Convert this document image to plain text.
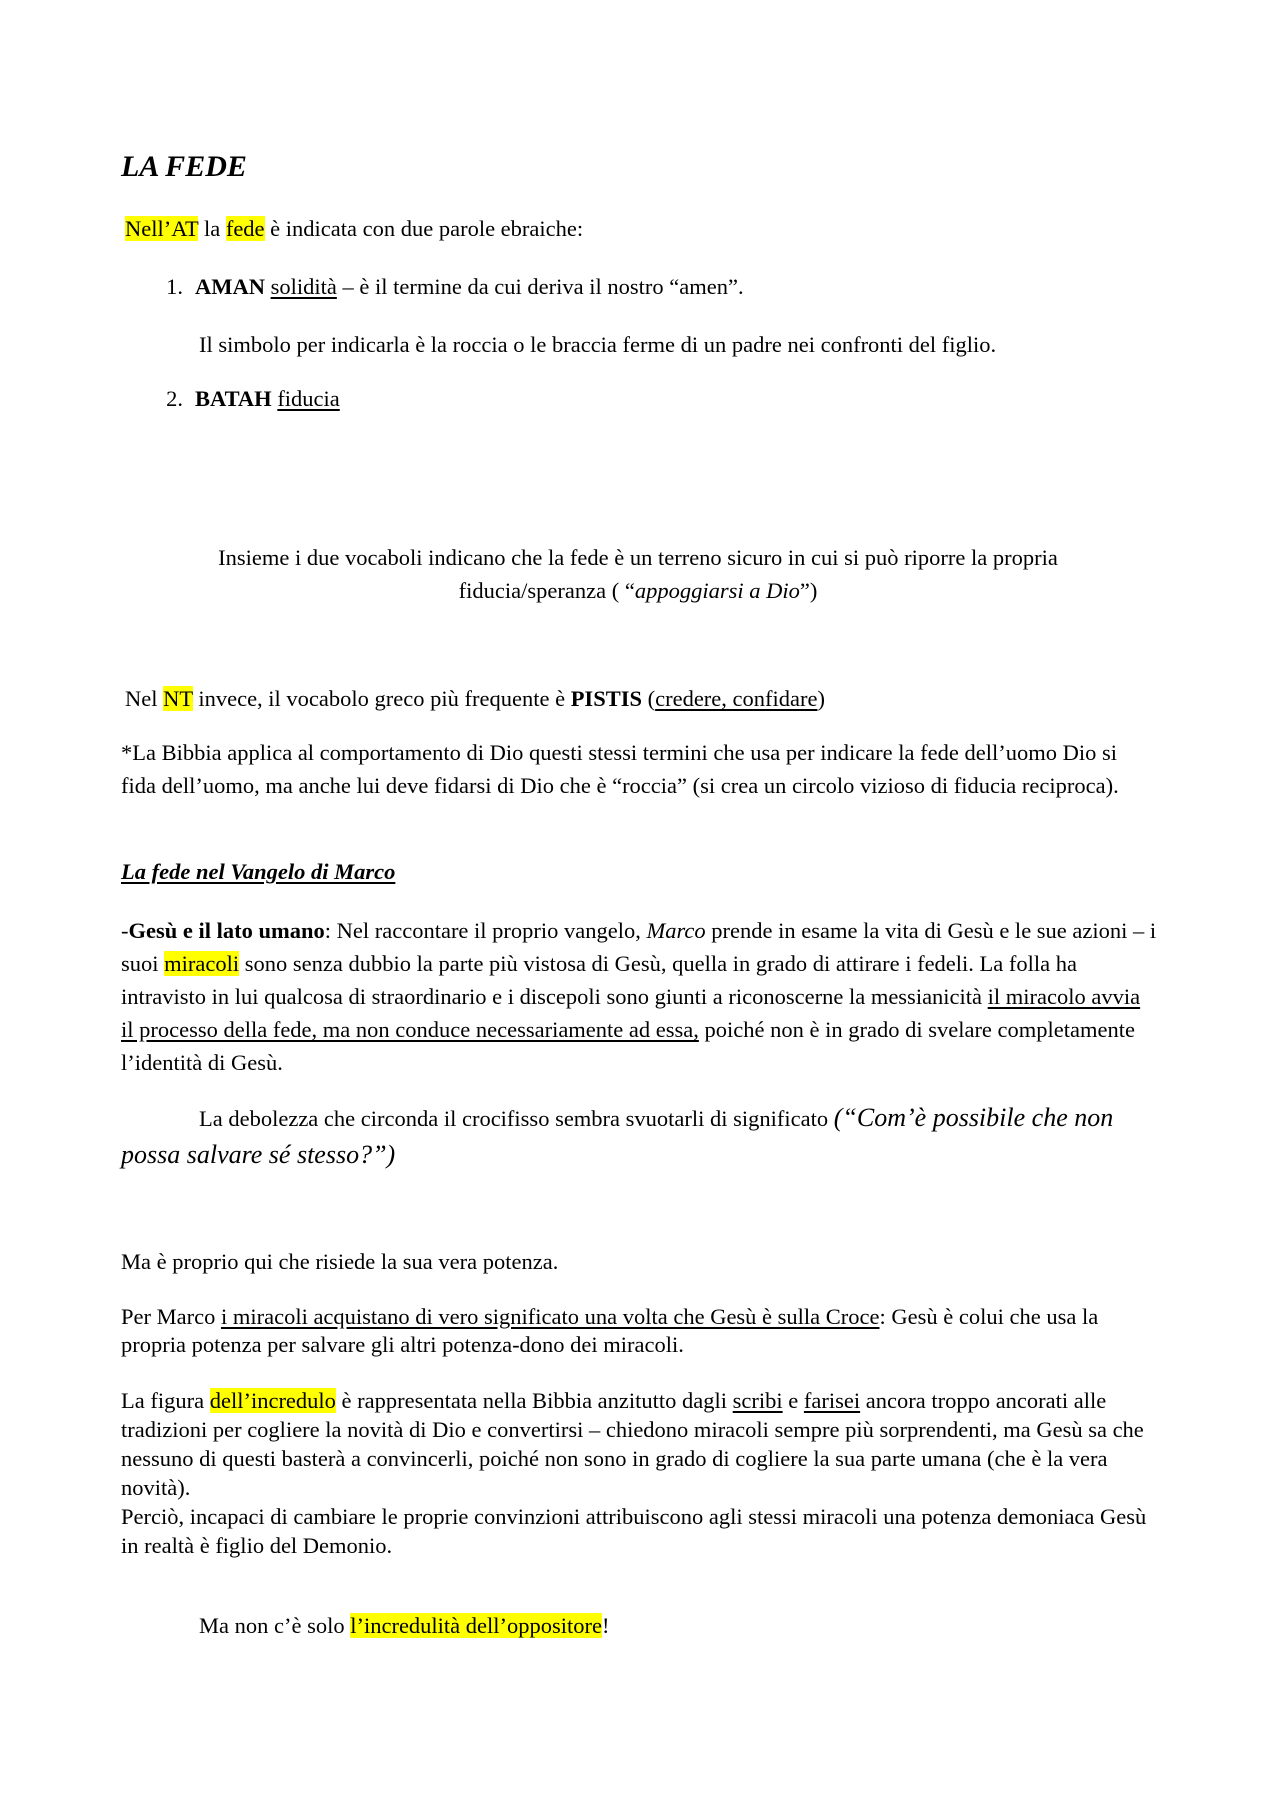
LA FEDE
Nell’AT la fede è indicata con due parole ebraiche:
1. AMAN solidità – è il termine da cui deriva il nostro “amen”.
Il simbolo per indicarla è la roccia o le braccia ferme di un padre nei confronti del figlio.
2. BATAH fiducia
Insieme i due vocaboli indicano che la fede è un terreno sicuro in cui si può riporre la propria
fiducia/speranza ( “appoggiarsi a Dio”)
Nel NT invece, il vocabolo greco più frequente è PISTIS (credere, confidare)
*La Bibbia applica al comportamento di Dio questi stessi termini che usa per indicare la fede dell’uomo Dio si fida dell’uomo, ma anche lui deve fidarsi di Dio che è “roccia” (si crea un circolo vizioso di fiducia reciproca).
La fede nel Vangelo di Marco
-Gesù e il lato umano: Nel raccontare il proprio vangelo, Marco prende in esame la vita di Gesù e le sue azioni – i suoi miracoli sono senza dubbio la parte più vistosa di Gesù, quella in grado di attirare i fedeli. La folla ha intravisto in lui qualcosa di straordinario e i discepoli sono giunti a riconoscerne la messianicità il miracolo avvia il processo della fede, ma non conduce necessariamente ad essa, poiché non è in grado di svelare completamente l’identità di Gesù.
La debolezza che circonda il crocifisso sembra svuotarli di significato (“Com’è possibile che non possa salvare sé stesso?”)
Ma è proprio qui che risiede la sua vera potenza.
Per Marco i miracoli acquistano di vero significato una volta che Gesù è sulla Croce: Gesù è colui che usa la propria potenza per salvare gli altri potenza-dono dei miracoli.
La figura dell’incredulo è rappresentata nella Bibbia anzitutto dagli scribi e farisei ancora troppo ancorati alle tradizioni per cogliere la novità di Dio e convertirsi – chiedono miracoli sempre più sorprendenti, ma Gesù sa che nessuno di questi basterà a convincerli, poiché non sono in grado di cogliere la sua parte umana (che è la vera novità).
Perciò, incapaci di cambiare le proprie convinzioni attribuiscono agli stessi miracoli una potenza demoniaca Gesù in realtà è figlio del Demonio.
Ma non c’è solo l’incredulità dell’oppositore!
